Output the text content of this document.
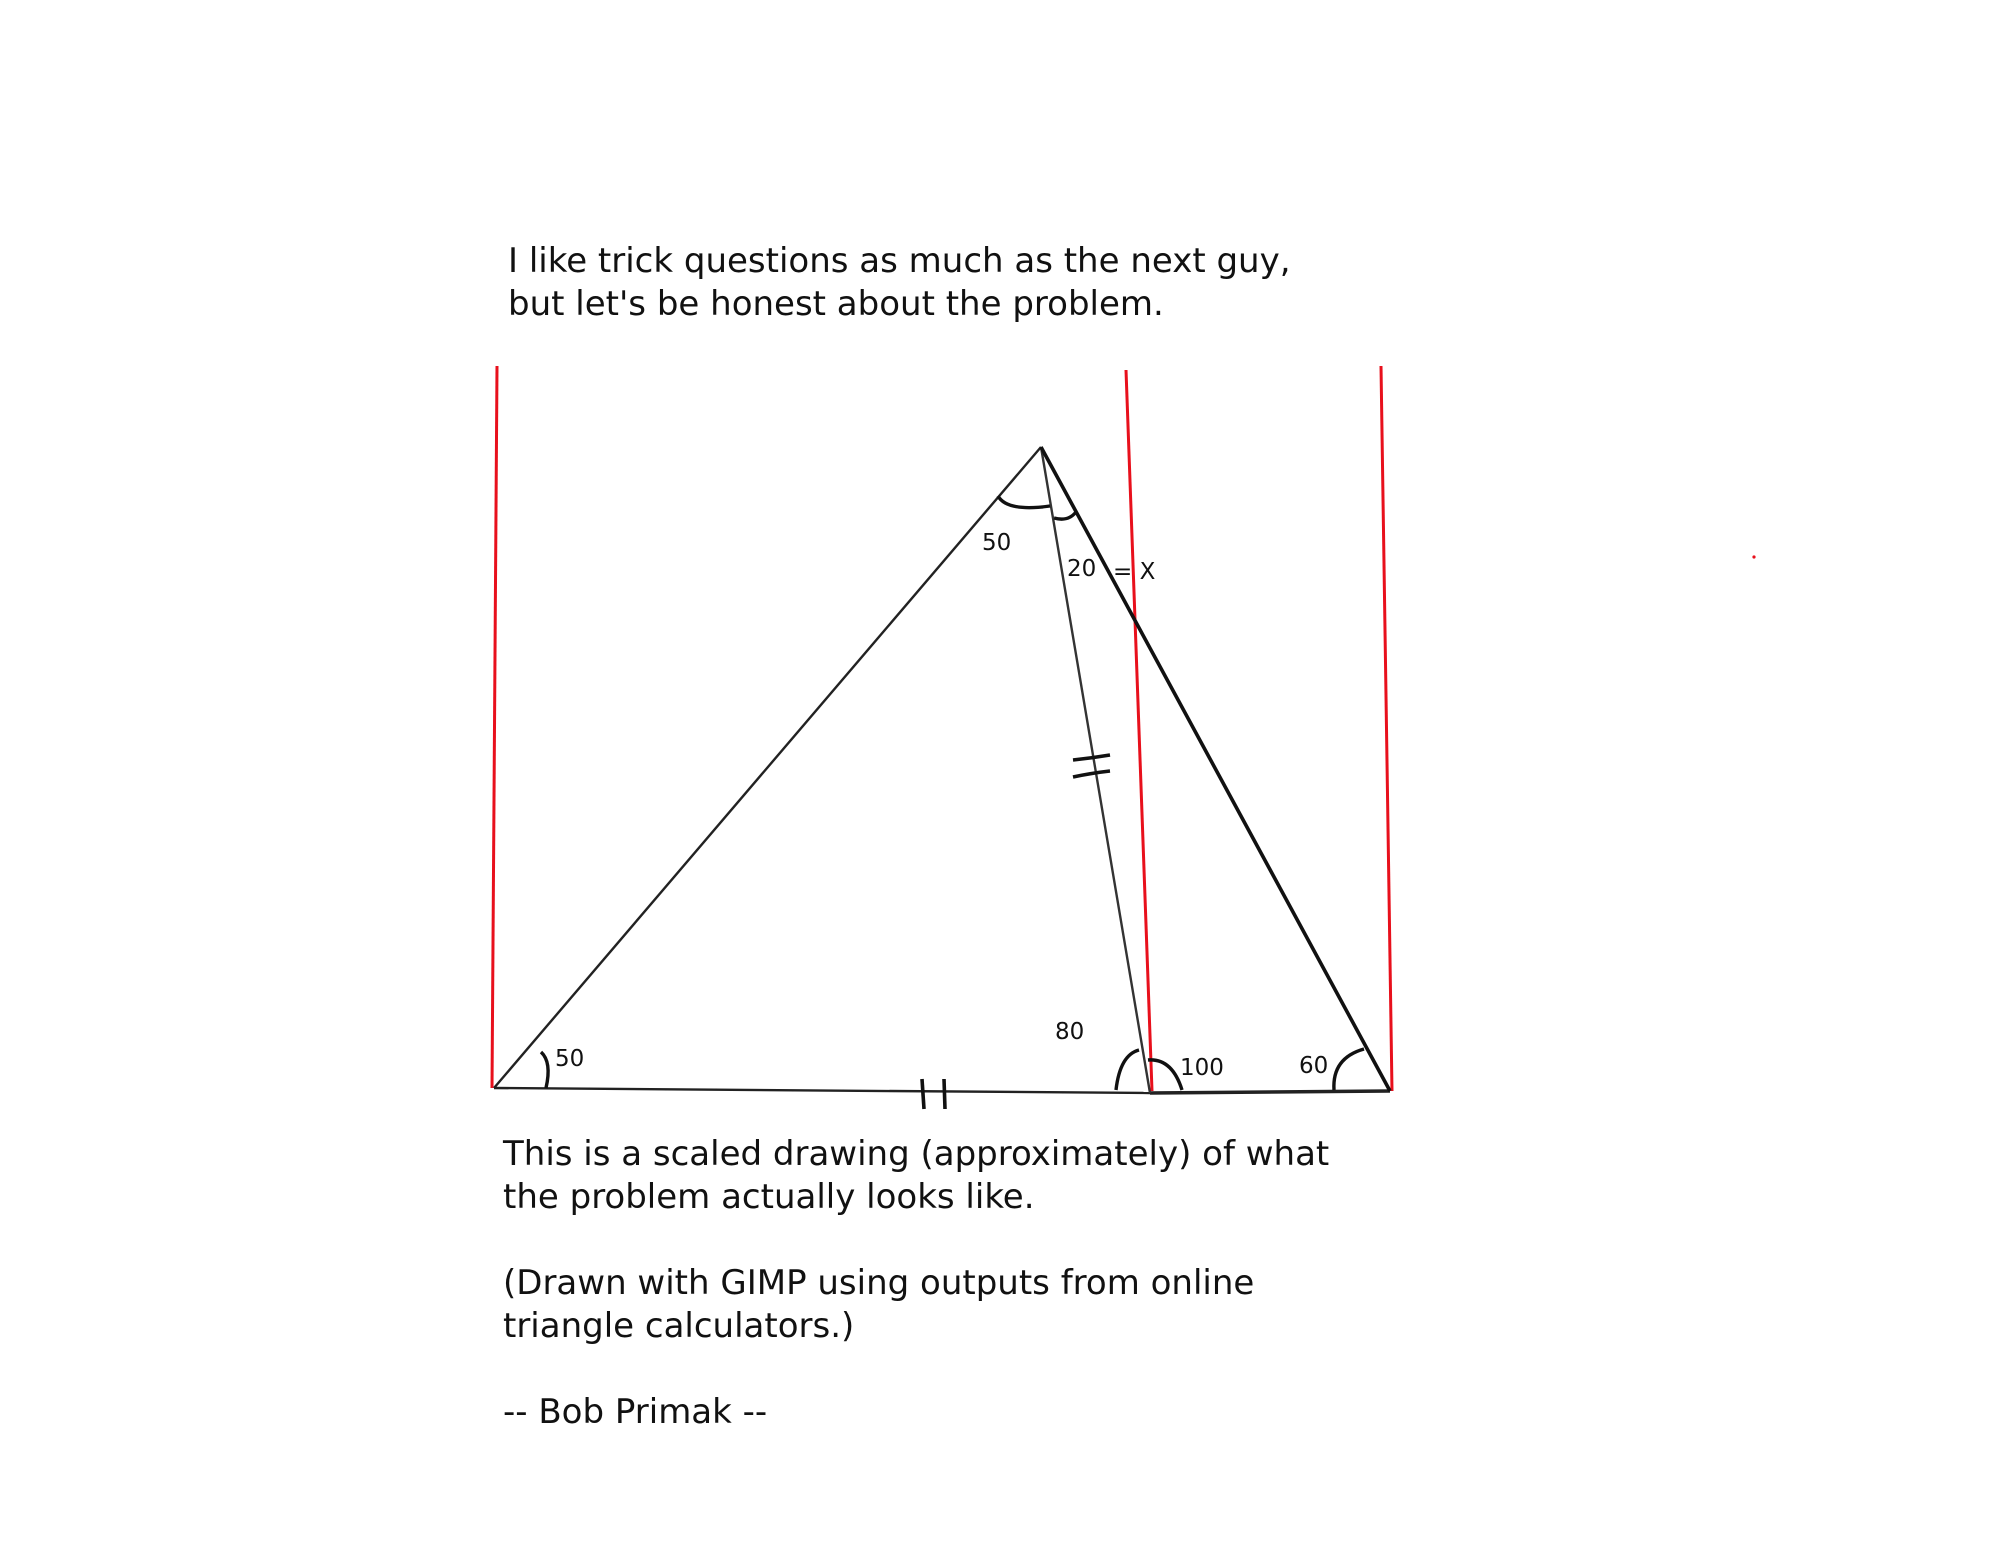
I like trick questions as much as the next guy,
but let's be honest about the problem.
50
20 = X
50
80
100	60
This is a scaled drawing (approximately) of what
the problem actually looks like.
(Drawn with GIMP using outputs from online
triangle calculators.)
-- Bob Primak --
